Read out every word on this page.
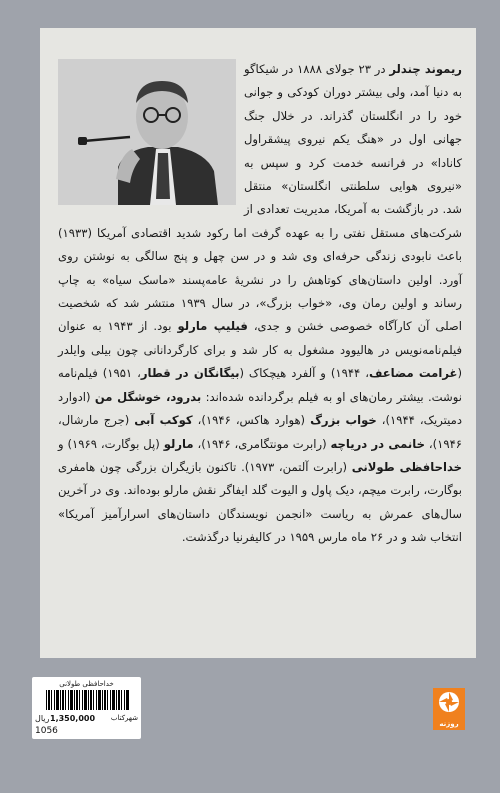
ریموند چندلر در ۲۳ جولای ۱۸۸۸ در شیکاگو به دنیا آمد، ولی بیشتر دوران کودکی و جوانی خود را در انگلستان گذراند. در خلال جنگ جهانی اول در «هنگ یکم نیروی پیشقراول کانادا» در فرانسه خدمت کرد و سپس به «نیروی هوایی سلطنتی انگلستان» منتقل شد. در بازگشت به آمریکا، مدیریت تعدادی از شرکت‌های مستقل نفتی را به عهده گرفت اما رکود شدید اقتصادی آمریکا (۱۹۳۳) باعث نابودی زندگی حرفه‌ای وی شد و در سن چهل و پنج سالگی به نوشتن روی آورد. اولین داستان‌های کوتاهش را در نشریهٔ عامه‌پسند «ماسک سیاه» به چاپ رساند و اولین رمان وی، «خواب بزرگ»، در سال ۱۹۳۹ منتشر شد که شخصیت اصلی آن کارآگاه خصوصی خشن و جدی، فیلیپ مارلو بود. از ۱۹۴۳ به عنوان فیلم‌نامه‌نویس در هالیوود مشغول به کار شد و برای کارگردانانی چون بیلی وایلدر (غرامت مضاعف، ۱۹۴۴) و آلفرد هیچکاک (بیگانگان در قطار، ۱۹۵۱) فیلم‌نامه نوشت. بیشتر رمان‌های او به فیلم برگردانده شده‌اند: بدرود، خوشگل من (ادوارد دمیتریک، ۱۹۴۴)، خواب بزرگ (هوارد هاکس، ۱۹۴۶)، کوکب آبی (جرج مارشال، ۱۹۴۶)، خانمی در دریاچه (رابرت مونتگامری، ۱۹۴۶)، مارلو (پل بوگارت، ۱۹۶۹) و خداحافظی طولانی (رابرت آلتمن، ۱۹۷۳). تاکنون بازیگران بزرگی چون هامفری بوگارت، رابرت میچم، دیک پاول و الیوت گلد ایفاگر نقش مارلو بوده‌اند. وی در آخرین سال‌های عمرش به ریاست «انجمن نویسندگان داستان‌های اسرارآمیز آمریکا» انتخاب شد و در ۲۶ ماه مارس ۱۹۵۹ در کالیفرنیا درگذشت.

خداحافظی طولانی
ریال 1,350,000 شهرکتاب
1056
روزنه
